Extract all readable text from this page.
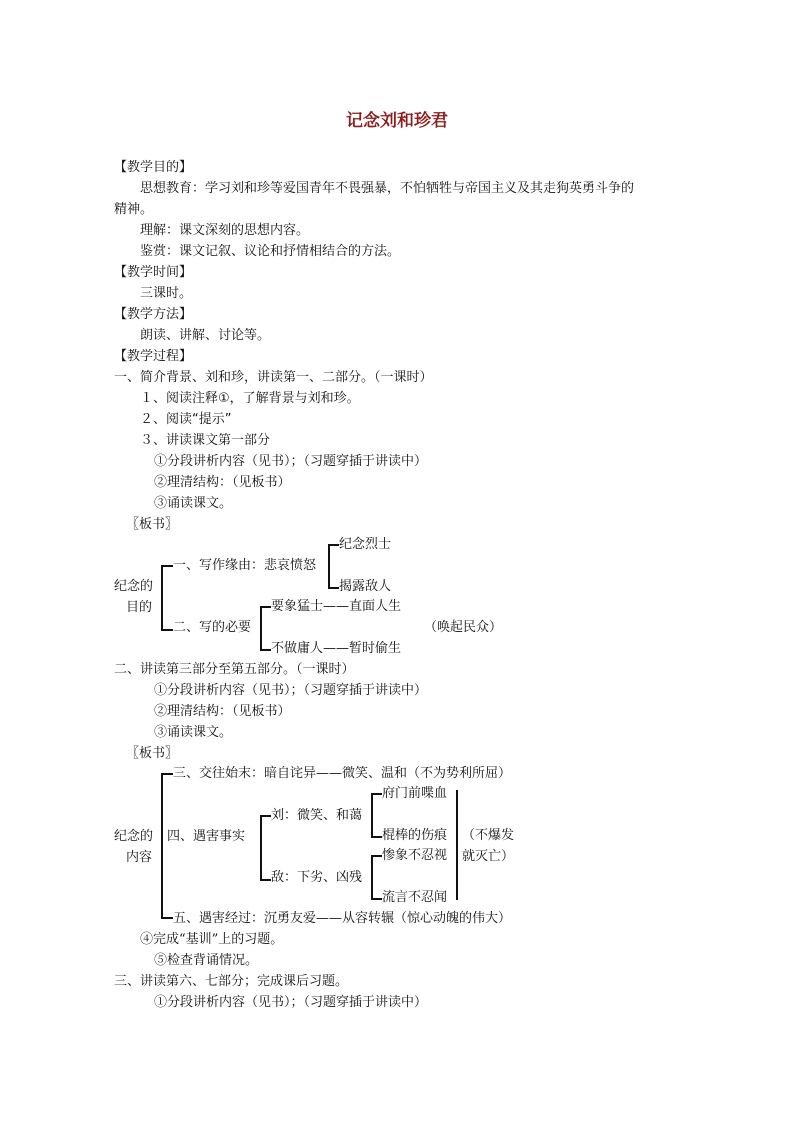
记念刘和珍君
【教学目的】
思想教育：学习刘和珍等爱国青年不畏强暴，不怕牺牲与帝国主义及其走狗英勇斗争的
精神。
理解：课文深刻的思想内容。
鉴赏：课文记叙、议论和抒情相结合的方法。
【教学时间】
三课时。
【教学方法】
朗读、讲解、讨论等。
【教学过程】
一、简介背景、刘和珍，讲读第一、二部分。（一课时）
１、阅读注释①，了解背景与刘和珍。
２、阅读“提示”
３、讲读课文第一部分
①分段讲析内容（见书）；（习题穿插于讲读中）
②理清结构：（见板书）
③诵读课文。
〖板书〗
纪念的
目的
一、写作缘由：悲哀愤怒
二、写的必要
纪念烈士
揭露敌人
要象猛士——直面人生
不做庸人——暂时偷生
（唤起民众）
二、讲读第三部分至第五部分。（一课时）
①分段讲析内容（见书）；（习题穿插于讲读中）
②理清结构：（见板书）
③诵读课文。
〖板书〗
纪念的
内容
三、交往始末：暗自诧异——微笑、温和（不为势利所屈）
四、遇害事实
五、遇害经过：沉勇友爱——从容转辗（惊心动魄的伟大）
刘：微笑、和蔼
敌：下劣、凶残
府门前喋血
棍棒的伤痕
惨象不忍视
流言不忍闻
（不爆发
就灭亡）
④完成“基训”上的习题。
⑤检查背诵情况。
三、讲读第六、七部分；完成课后习题。
①分段讲析内容（见书）；（习题穿插于讲读中）
